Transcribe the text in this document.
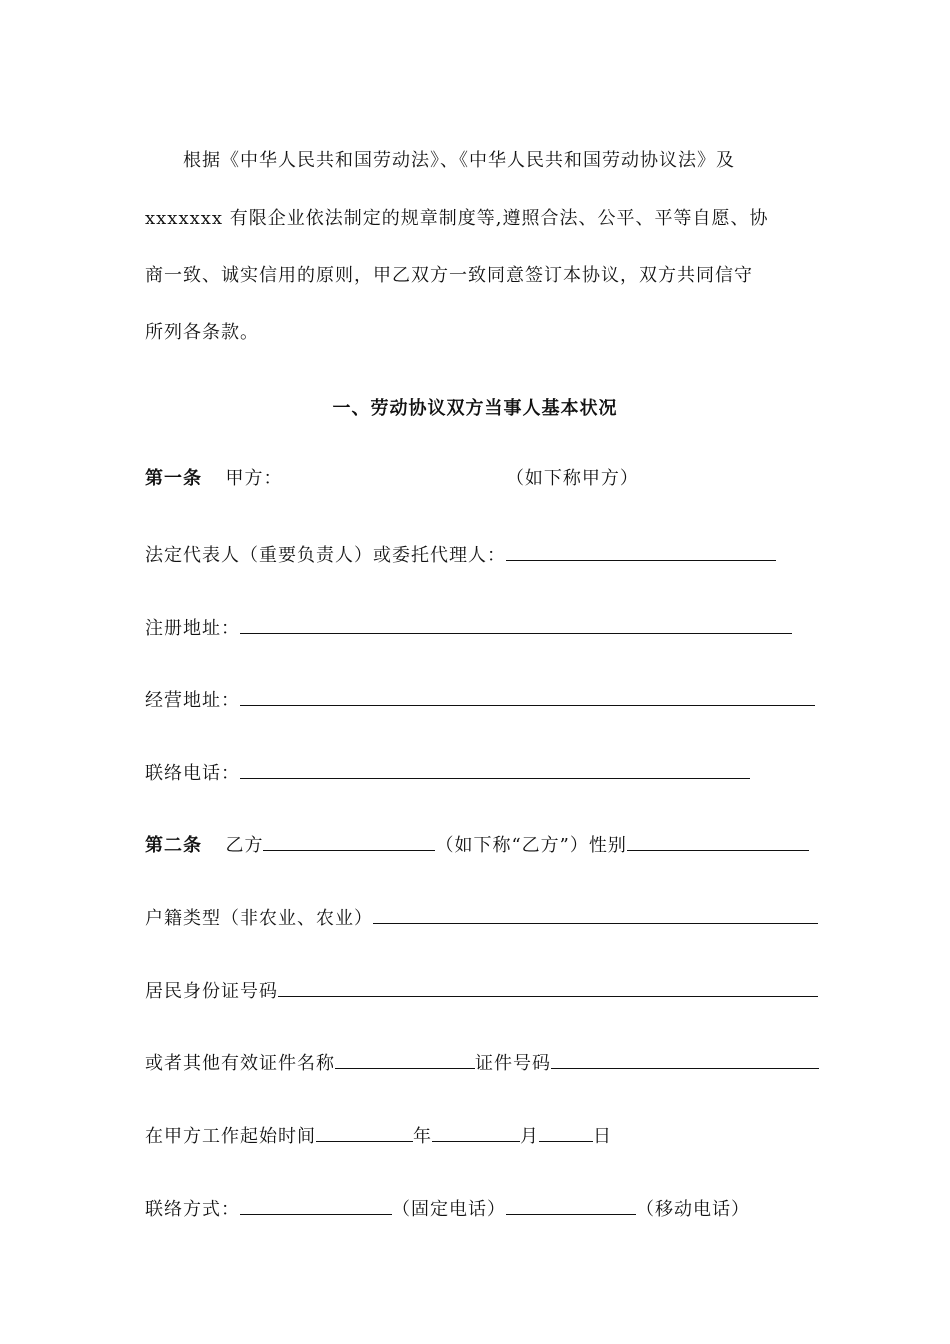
根据《中华人民共和国劳动法》、《中华人民共和国劳动协议法》及
xxxxxxx 有限企业依法制定的规章制度等,遵照合法、公平、平等自愿、协
商一致、诚实信用的原则，甲乙双方一致同意签订本协议，双方共同信守
所列各条款。
一、劳动协议双方当事人基本状况
第一条 甲方：	（如下称甲方）
法定代表人（重要负责人）或委托代理人：
注册地址：
经营地址：
联络电话：
第二条 乙方	（如下称“乙方”）性别
户籍类型（非农业、农业）
居民身份证号码
或者其他有效证件名称	证件号码
在甲方工作起始时间	年	月	日
联络方式：	（固定电话）	（移动电话）
